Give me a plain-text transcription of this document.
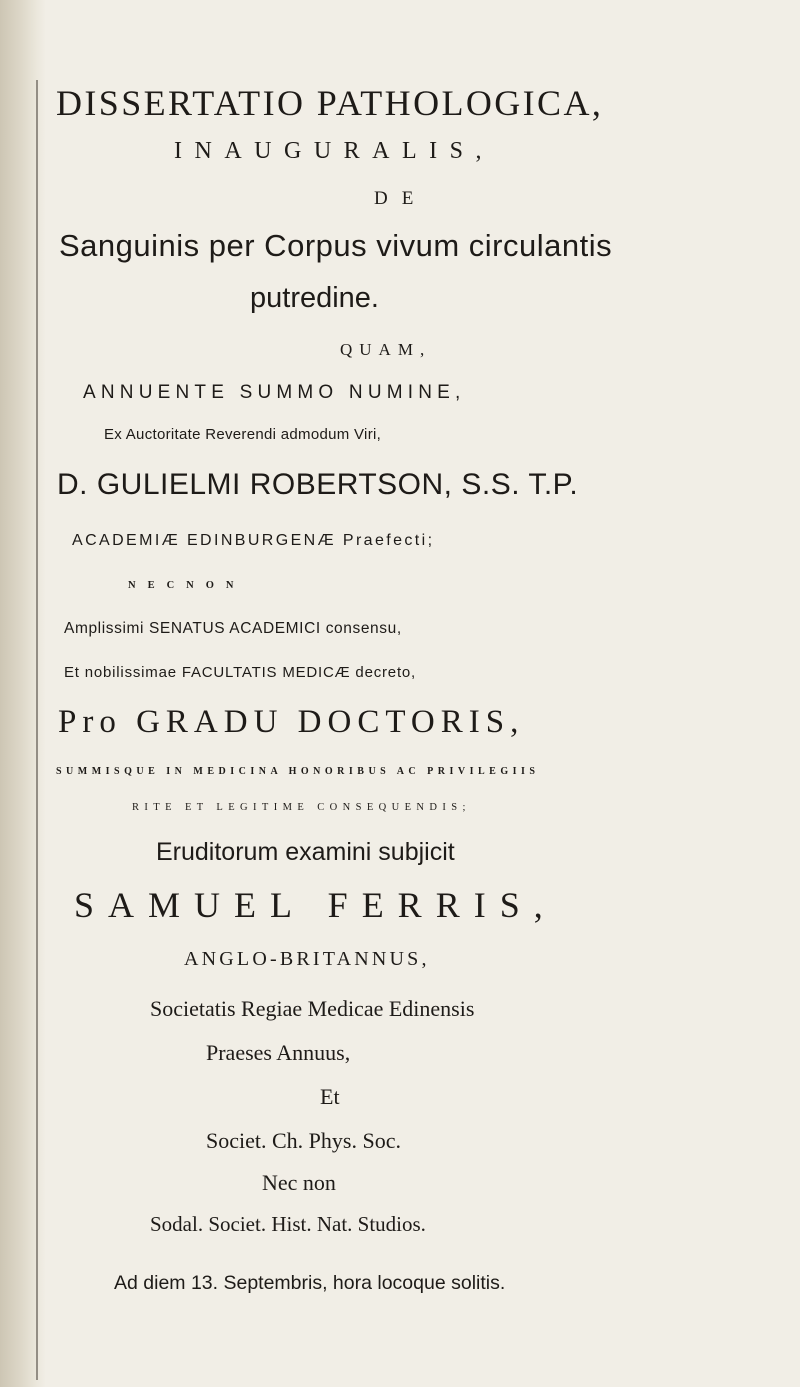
DISSERTATIO PATHOLOGICA,
INAUGURALIS,
DE
Sanguinis per Corpus vivum circulantis
putredine.
QUAM,
ANNUENTE SUMMO NUMINE,
Ex Auctoritate Reverendi admodum Viri,
D. GULIELMI ROBERTSON, S.S. T.P.
ACADEMIÆ EDINBURGENÆ Praefecti;
NECNON
Amplissimi SENATUS ACADEMICI consensu,
Et nobilissimae FACULTATIS MEDICÆ decreto,
Pro GRADU DOCTORIS,
SUMMISQUE IN MEDICINA HONORIBUS AC PRIVILEGIIS
RITE ET LEGITIME CONSEQUENDIS;
Eruditorum examini subjicit
SAMUEL FERRIS,
ANGLO-BRITANNUS,
Societatis Regiae Medicae Edinensis
Praeses Annuus,
Et
Societ. Ch. Phys. Soc.
Nec non
Sodal. Societ. Hist. Nat. Studios.
Ad diem 13. Septembris, hora locoque solitis.
